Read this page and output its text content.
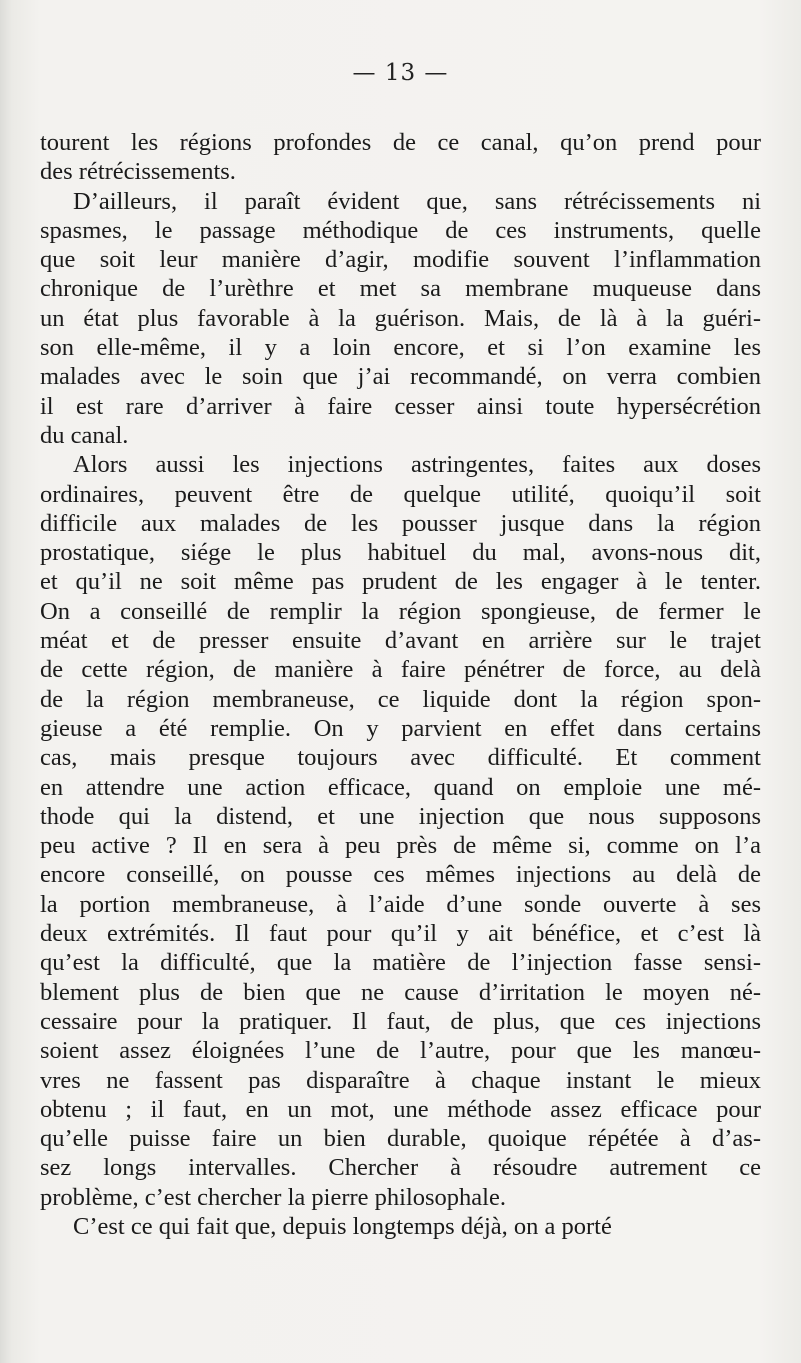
— 13 —
tourent les régions profondes de ce canal, qu’on prend pour
des rétrécissements.
D’ailleurs, il paraît évident que, sans rétrécissements ni
spasmes, le passage méthodique de ces instruments, quelle
que soit leur manière d’agir, modifie souvent l’inflammation
chronique de l’urèthre et met sa membrane muqueuse dans
un état plus favorable à la guérison. Mais, de là à la guéri-
son elle-même, il y a loin encore, et si l’on examine les
malades avec le soin que j’ai recommandé, on verra combien
il est rare d’arriver à faire cesser ainsi toute hypersécrétion
du canal.
Alors aussi les injections astringentes, faites aux doses
ordinaires, peuvent être de quelque utilité, quoiqu’il soit
difficile aux malades de les pousser jusque dans la région
prostatique, siége le plus habituel du mal, avons-nous dit,
et qu’il ne soit même pas prudent de les engager à le tenter.
On a conseillé de remplir la région spongieuse, de fermer le
méat et de presser ensuite d’avant en arrière sur le trajet
de cette région, de manière à faire pénétrer de force, au delà
de la région membraneuse, ce liquide dont la région spon-
gieuse a été remplie. On y parvient en effet dans certains
cas, mais presque toujours avec difficulté. Et comment
en attendre une action efficace, quand on emploie une mé-
thode qui la distend, et une injection que nous supposons
peu active ? Il en sera à peu près de même si, comme on l’a
encore conseillé, on pousse ces mêmes injections au delà de
la portion membraneuse, à l’aide d’une sonde ouverte à ses
deux extrémités. Il faut pour qu’il y ait bénéfice, et c’est là
qu’est la difficulté, que la matière de l’injection fasse sensi-
blement plus de bien que ne cause d’irritation le moyen né-
cessaire pour la pratiquer. Il faut, de plus, que ces injections
soient assez éloignées l’une de l’autre, pour que les manœu-
vres ne fassent pas disparaître à chaque instant le mieux
obtenu ; il faut, en un mot, une méthode assez efficace pour
qu’elle puisse faire un bien durable, quoique répétée à d’as-
sez longs intervalles. Chercher à résoudre autrement ce
problème, c’est chercher la pierre philosophale.
C’est ce qui fait que, depuis longtemps déjà, on a porté
